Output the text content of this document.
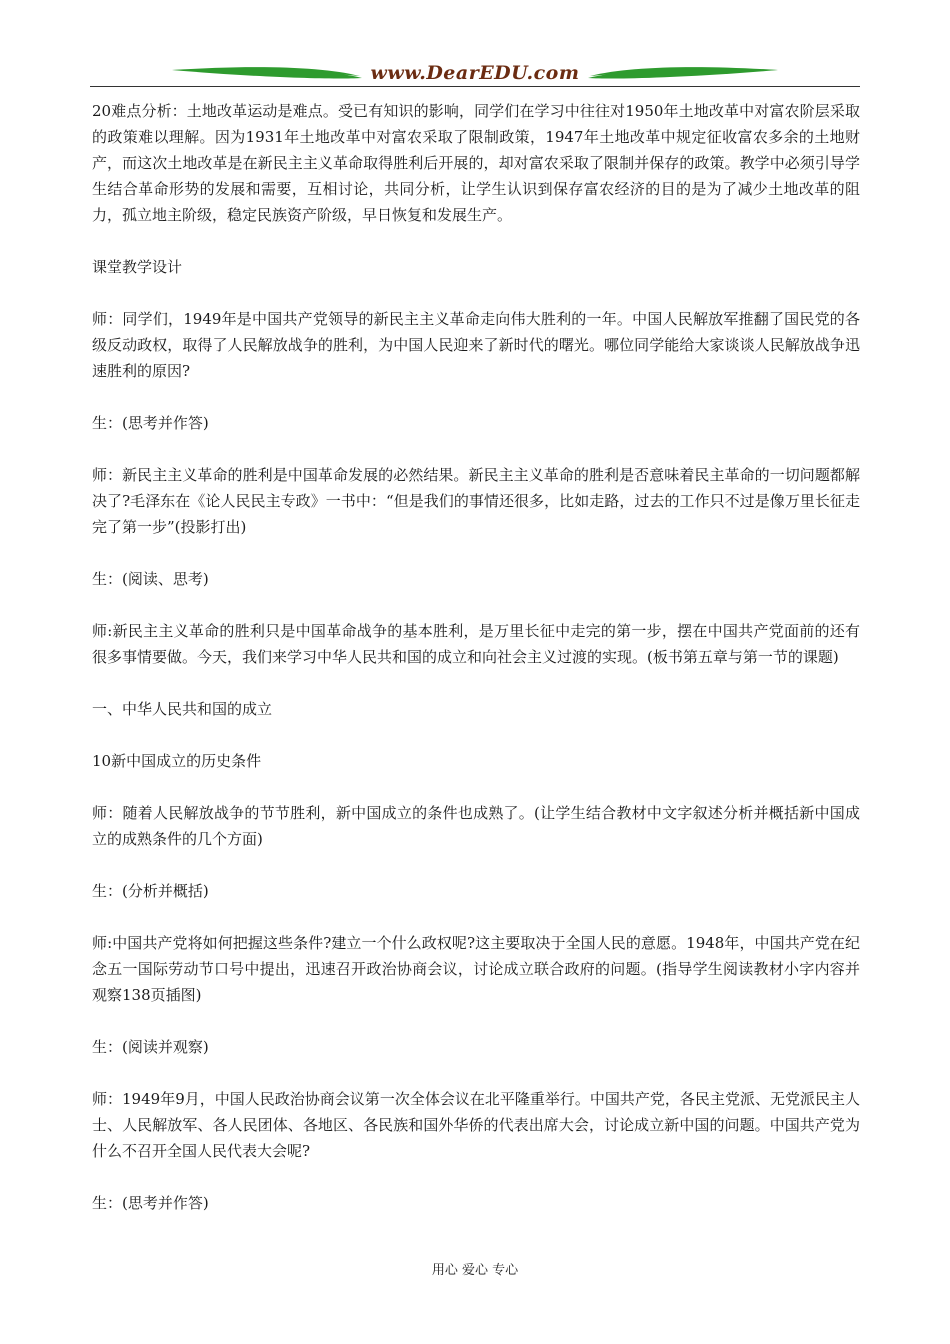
www.DearEDU.com

20难点分析：土地改革运动是难点。受已有知识的影响，同学们在学习中往往对1950年土地改革中对富农阶层采取的政策难以理解。因为1931年土地改革中对富农采取了限制政策，1947年土地改革中规定征收富农多余的土地财产，而这次土地改革是在新民主主义革命取得胜利后开展的，却对富农采取了限制并保存的政策。教学中必须引导学生结合革命形势的发展和需要，互相讨论，共同分析，让学生认识到保存富农经济的目的是为了减少土地改革的阻力，孤立地主阶级，稳定民族资产阶级，早日恢复和发展生产。

课堂教学设计

师：同学们，1949年是中国共产党领导的新民主主义革命走向伟大胜利的一年。中国人民解放军推翻了国民党的各级反动政权，取得了人民解放战争的胜利，为中国人民迎来了新时代的曙光。哪位同学能给大家谈谈人民解放战争迅速胜利的原因?

生：(思考并作答)

师：新民主主义革命的胜利是中国革命发展的必然结果。新民主主义革命的胜利是否意味着民主革命的一切问题都解决了?毛泽东在《论人民民主专政》一书中：“但是我们的事情还很多，比如走路，过去的工作只不过是像万里长征走完了第一步”(投影打出)

生：(阅读、思考)

师:新民主主义革命的胜利只是中国革命战争的基本胜利，是万里长征中走完的第一步，摆在中国共产党面前的还有很多事情要做。今天，我们来学习中华人民共和国的成立和向社会主义过渡的实现。(板书第五章与第一节的课题)

一、中华人民共和国的成立

10新中国成立的历史条件

师：随着人民解放战争的节节胜利，新中国成立的条件也成熟了。(让学生结合教材中文字叙述分析并概括新中国成立的成熟条件的几个方面)

生：(分析并概括)

师:中国共产党将如何把握这些条件?建立一个什么政权呢?这主要取决于全国人民的意愿。1948年，中国共产党在纪念五一国际劳动节口号中提出，迅速召开政治协商会议，讨论成立联合政府的问题。(指导学生阅读教材小字内容并观察138页插图)

生：(阅读并观察)

师：1949年9月，中国人民政治协商会议第一次全体会议在北平隆重举行。中国共产党，各民主党派、无党派民主人士、人民解放军、各人民团体、各地区、各民族和国外华侨的代表出席大会，讨论成立新中国的问题。中国共产党为什么不召开全国人民代表大会呢?

生：(思考并作答)

用心 爱心 专心
